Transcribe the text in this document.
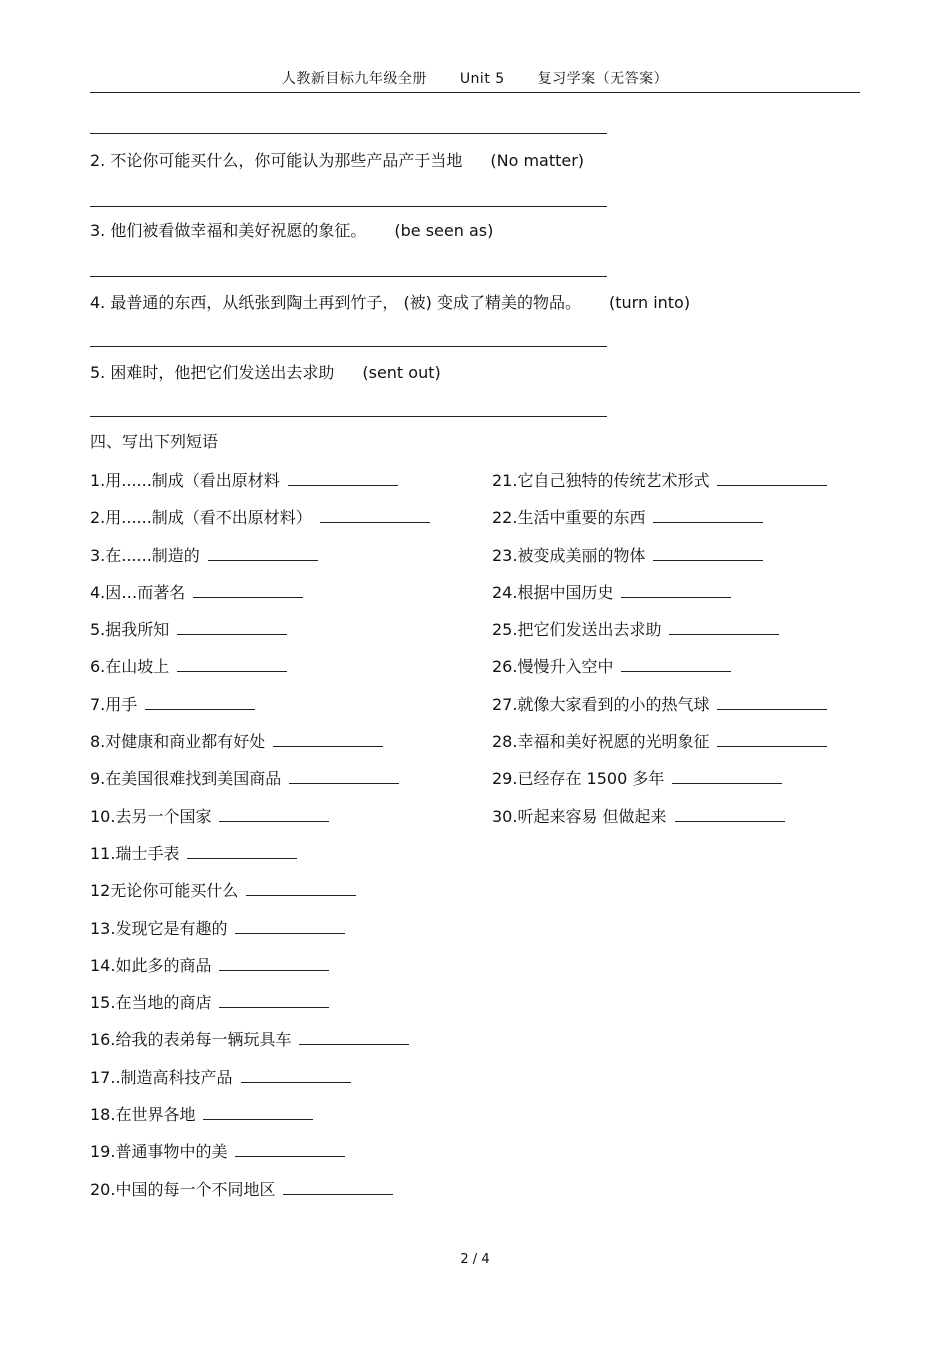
人教新目标九年级全册 Unit 5 复习学案（无答案）
2. 不论你可能买什么，你可能认为那些产品产于当地 (No matter)
3. 他们被看做幸福和美好祝愿的象征。 (be seen as)
4. 最普通的东西，从纸张到陶土再到竹子， (被) 变成了精美的物品。 (turn into)
5. 困难时，他把它们发送出去求助 (sent out)
四、写出下列短语
1.用......制成（看出原材料
2.用......制成（看不出原材料）
3.在......制造的
4.因…而著名
5.据我所知
6.在山坡上
7.用手
8.对健康和商业都有好处
9.在美国很难找到美国商品
10.去另一个国家
11.瑞士手表
12无论你可能买什么
13.发现它是有趣的
14.如此多的商品
15.在当地的商店
16.给我的表弟每一辆玩具车
17..制造高科技产品
18.在世界各地
19.普通事物中的美
20.中国的每一个不同地区
21.它自己独特的传统艺术形式
22.生活中重要的东西
23.被变成美丽的物体
24.根据中国历史
25.把它们发送出去求助
26.慢慢升入空中
27.就像大家看到的小的热气球
28.幸福和美好祝愿的光明象征
29.已经存在 1500 多年
30.听起来容易 但做起来
2 / 4
